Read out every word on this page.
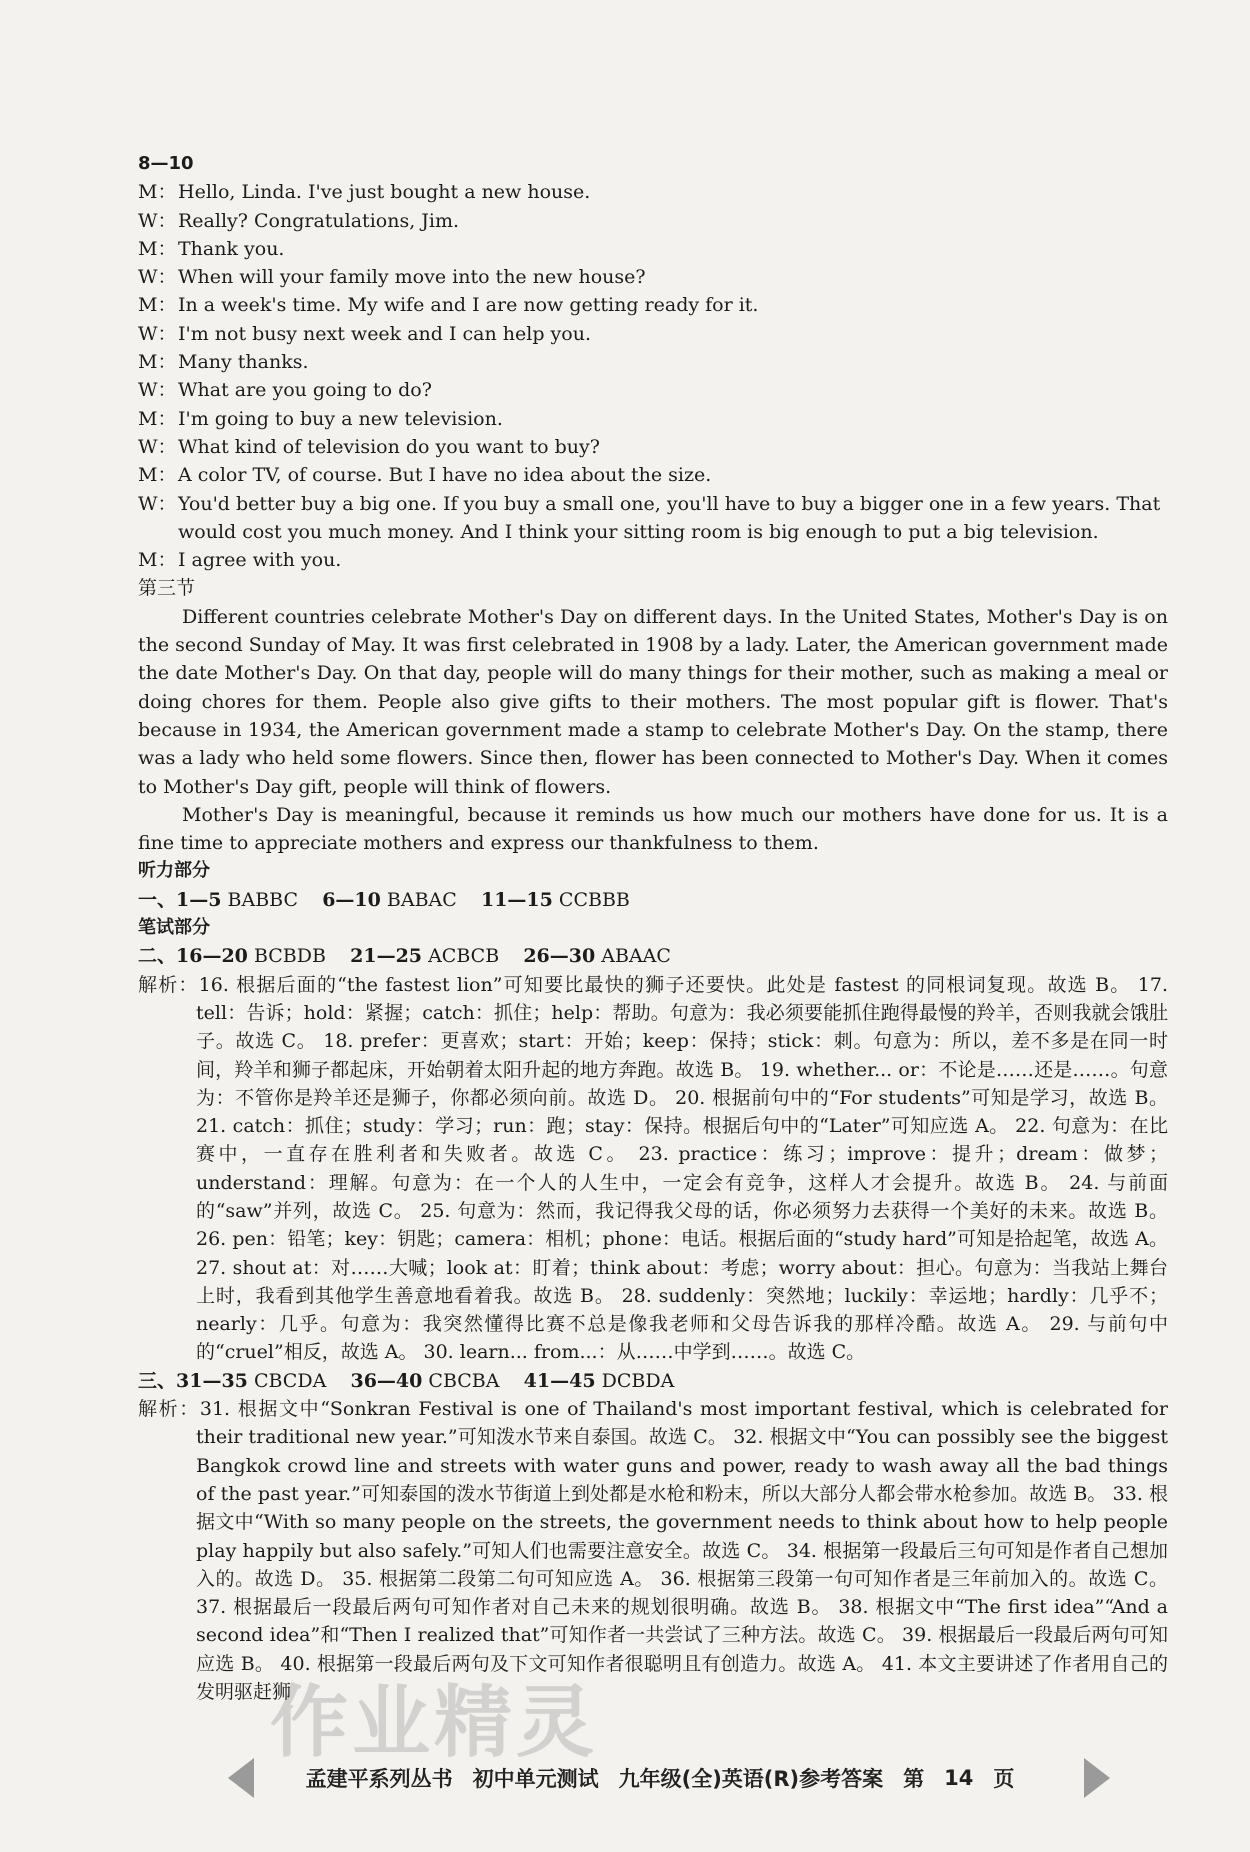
作业精灵
8—10
M： Hello, Linda. I've just bought a new house.
W： Really? Congratulations, Jim.
M： Thank you.
W： When will your family move into the new house?
M： In a week's time. My wife and I are now getting ready for it.
W： I'm not busy next week and I can help you.
M： Many thanks.
W： What are you going to do?
M： I'm going to buy a new television.
W： What kind of television do you want to buy?
M： A color TV, of course. But I have no idea about the size.
W： You'd better buy a big one. If you buy a small one, you'll have to buy a bigger one in a few years. That would cost you much money. And I think your sitting room is big enough to put a big television.
M： I agree with you.
第三节
Different countries celebrate Mother's Day on different days. In the United States, Mother's Day is on the second Sunday of May. It was first celebrated in 1908 by a lady. Later, the American government made the date Mother's Day. On that day, people will do many things for their mother, such as making a meal or doing chores for them. People also give gifts to their mothers. The most popular gift is flower. That's because in 1934, the American government made a stamp to celebrate Mother's Day. On the stamp, there was a lady who held some flowers. Since then, flower has been connected to Mother's Day. When it comes to Mother's Day gift, people will think of flowers.
Mother's Day is meaningful, because it reminds us how much our mothers have done for us. It is a fine time to appreciate mothers and express our thankfulness to them.
听力部分
一、1—5 BABBC 6—10 BABAC 11—15 CCBBB
笔试部分
二、16—20 BCBDB 21—25 ACBCB 26—30 ABAAC
解析：16. 根据后面的“the fastest lion”可知要比最快的狮子还要快。此处是 fastest 的同根词复现。故选 B。 17. tell：告诉；hold：紧握；catch：抓住；help：帮助。句意为：我必须要能抓住跑得最慢的羚羊，否则我就会饿肚子。故选 C。 18. prefer：更喜欢；start：开始；keep：保持；stick：刺。句意为：所以，差不多是在同一时间，羚羊和狮子都起床，开始朝着太阳升起的地方奔跑。故选 B。 19. whether... or：不论是……还是……。句意为：不管你是羚羊还是狮子，你都必须向前。故选 D。 20. 根据前句中的“For students”可知是学习，故选 B。 21. catch：抓住；study：学习；run：跑；stay：保持。根据后句中的“Later”可知应选 A。 22. 句意为：在比赛中，一直存在胜利者和失败者。故选 C。 23. practice：练习；improve：提升；dream：做梦；understand：理解。句意为：在一个人的人生中，一定会有竞争，这样人才会提升。故选 B。 24. 与前面的“saw”并列，故选 C。 25. 句意为：然而，我记得我父母的话，你必须努力去获得一个美好的未来。故选 B。 26. pen：铅笔；key：钥匙；camera：相机；phone：电话。根据后面的“study hard”可知是拾起笔，故选 A。 27. shout at：对……大喊；look at：盯着；think about：考虑；worry about：担心。句意为：当我站上舞台上时，我看到其他学生善意地看着我。故选 B。 28. suddenly：突然地；luckily：幸运地；hardly：几乎不；nearly：几乎。句意为：我突然懂得比赛不总是像我老师和父母告诉我的那样冷酷。故选 A。 29. 与前句中的“cruel”相反，故选 A。 30. learn... from...：从……中学到……。故选 C。
三、31—35 CBCDA 36—40 CBCBA 41—45 DCBDA
解析：31. 根据文中“Sonkran Festival is one of Thailand's most important festival, which is celebrated for their traditional new year.”可知泼水节来自泰国。故选 C。 32. 根据文中“You can possibly see the biggest Bangkok crowd line and streets with water guns and power, ready to wash away all the bad things of the past year.”可知泰国的泼水节街道上到处都是水枪和粉末，所以大部分人都会带水枪参加。故选 B。 33. 根据文中“With so many people on the streets, the government needs to think about how to help people play happily but also safely.”可知人们也需要注意安全。故选 C。 34. 根据第一段最后三句可知是作者自己想加入的。故选 D。 35. 根据第二段第二句可知应选 A。 36. 根据第三段第一句可知作者是三年前加入的。故选 C。 37. 根据最后一段最后两句可知作者对自己未来的规划很明确。故选 B。 38. 根据文中“The first idea”“And a second idea”和“Then I realized that”可知作者一共尝试了三种方法。故选 C。 39. 根据最后一段最后两句可知应选 B。 40. 根据第一段最后两句及下文可知作者很聪明且有创造力。故选 A。 41. 本文主要讲述了作者用自己的发明驱赶狮
孟建平系列丛书 初中单元测试 九年级(全)英语(R)参考答案 第 14 页
